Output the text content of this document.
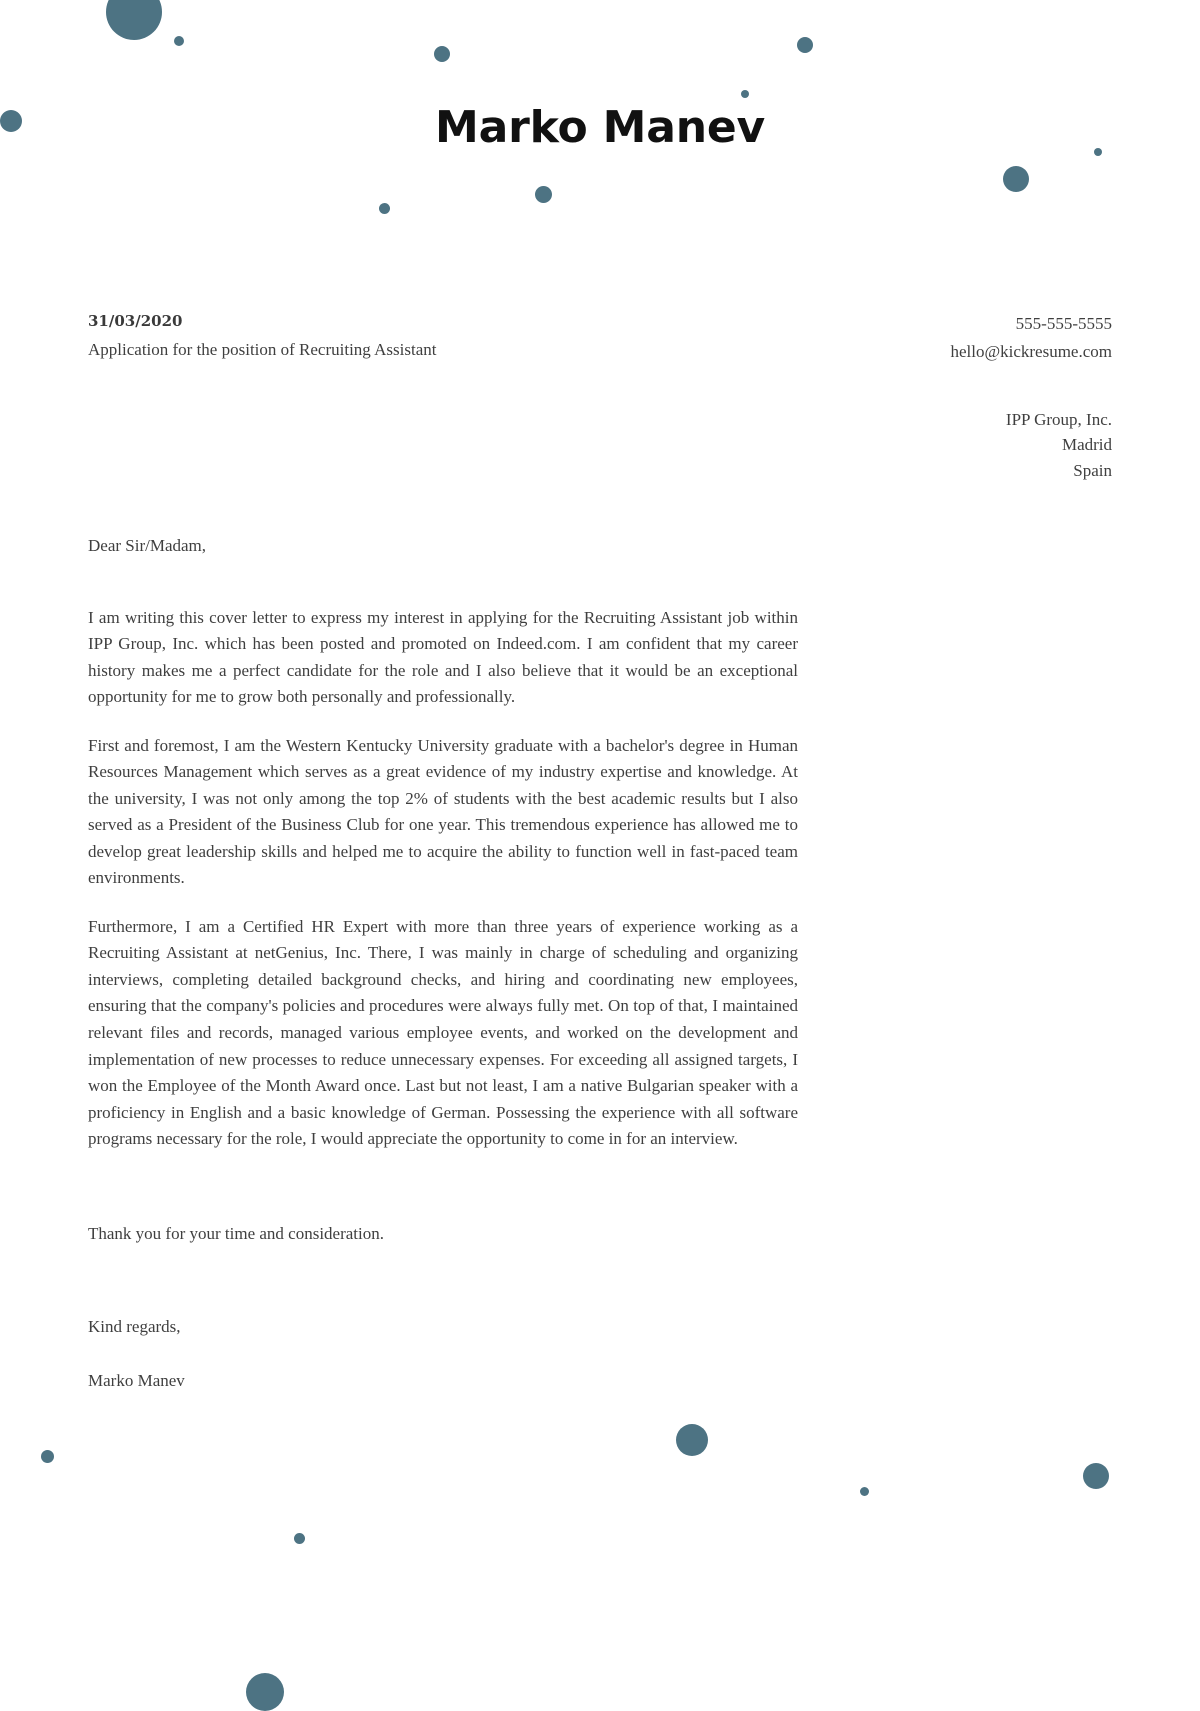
Marko Manev
31/03/2020
Application for the position of Recruiting Assistant
555-555-5555
hello@kickresume.com
IPP Group, Inc.
Madrid
Spain
Dear Sir/Madam,

I am writing this cover letter to express my interest in applying for the Recruiting Assistant job within IPP Group, Inc. which has been posted and promoted on Indeed.com. I am confident that my career history makes me a perfect candidate for the role and I also believe that it would be an exceptional opportunity for me to grow both personally and professionally.

First and foremost, I am the Western Kentucky University graduate with a bachelor's degree in Human Resources Management which serves as a great evidence of my industry expertise and knowledge. At the university, I was not only among the top 2% of students with the best academic results but I also served as a President of the Business Club for one year. This tremendous experience has allowed me to develop great leadership skills and helped me to acquire the ability to function well in fast-paced team environments.

Furthermore, I am a Certified HR Expert with more than three years of experience working as a Recruiting Assistant at netGenius, Inc. There, I was mainly in charge of scheduling and organizing interviews, completing detailed background checks, and hiring and coordinating new employees, ensuring that the company's policies and procedures were always fully met. On top of that, I maintained relevant files and records, managed various employee events, and worked on the development and implementation of new processes to reduce unnecessary expenses. For exceeding all assigned targets, I won the Employee of the Month Award once. Last but not least, I am a native Bulgarian speaker with a proficiency in English and a basic knowledge of German. Possessing the experience with all software programs necessary for the role, I would appreciate the opportunity to come in for an interview.

Thank you for your time and consideration.
Kind regards,
Marko Manev
